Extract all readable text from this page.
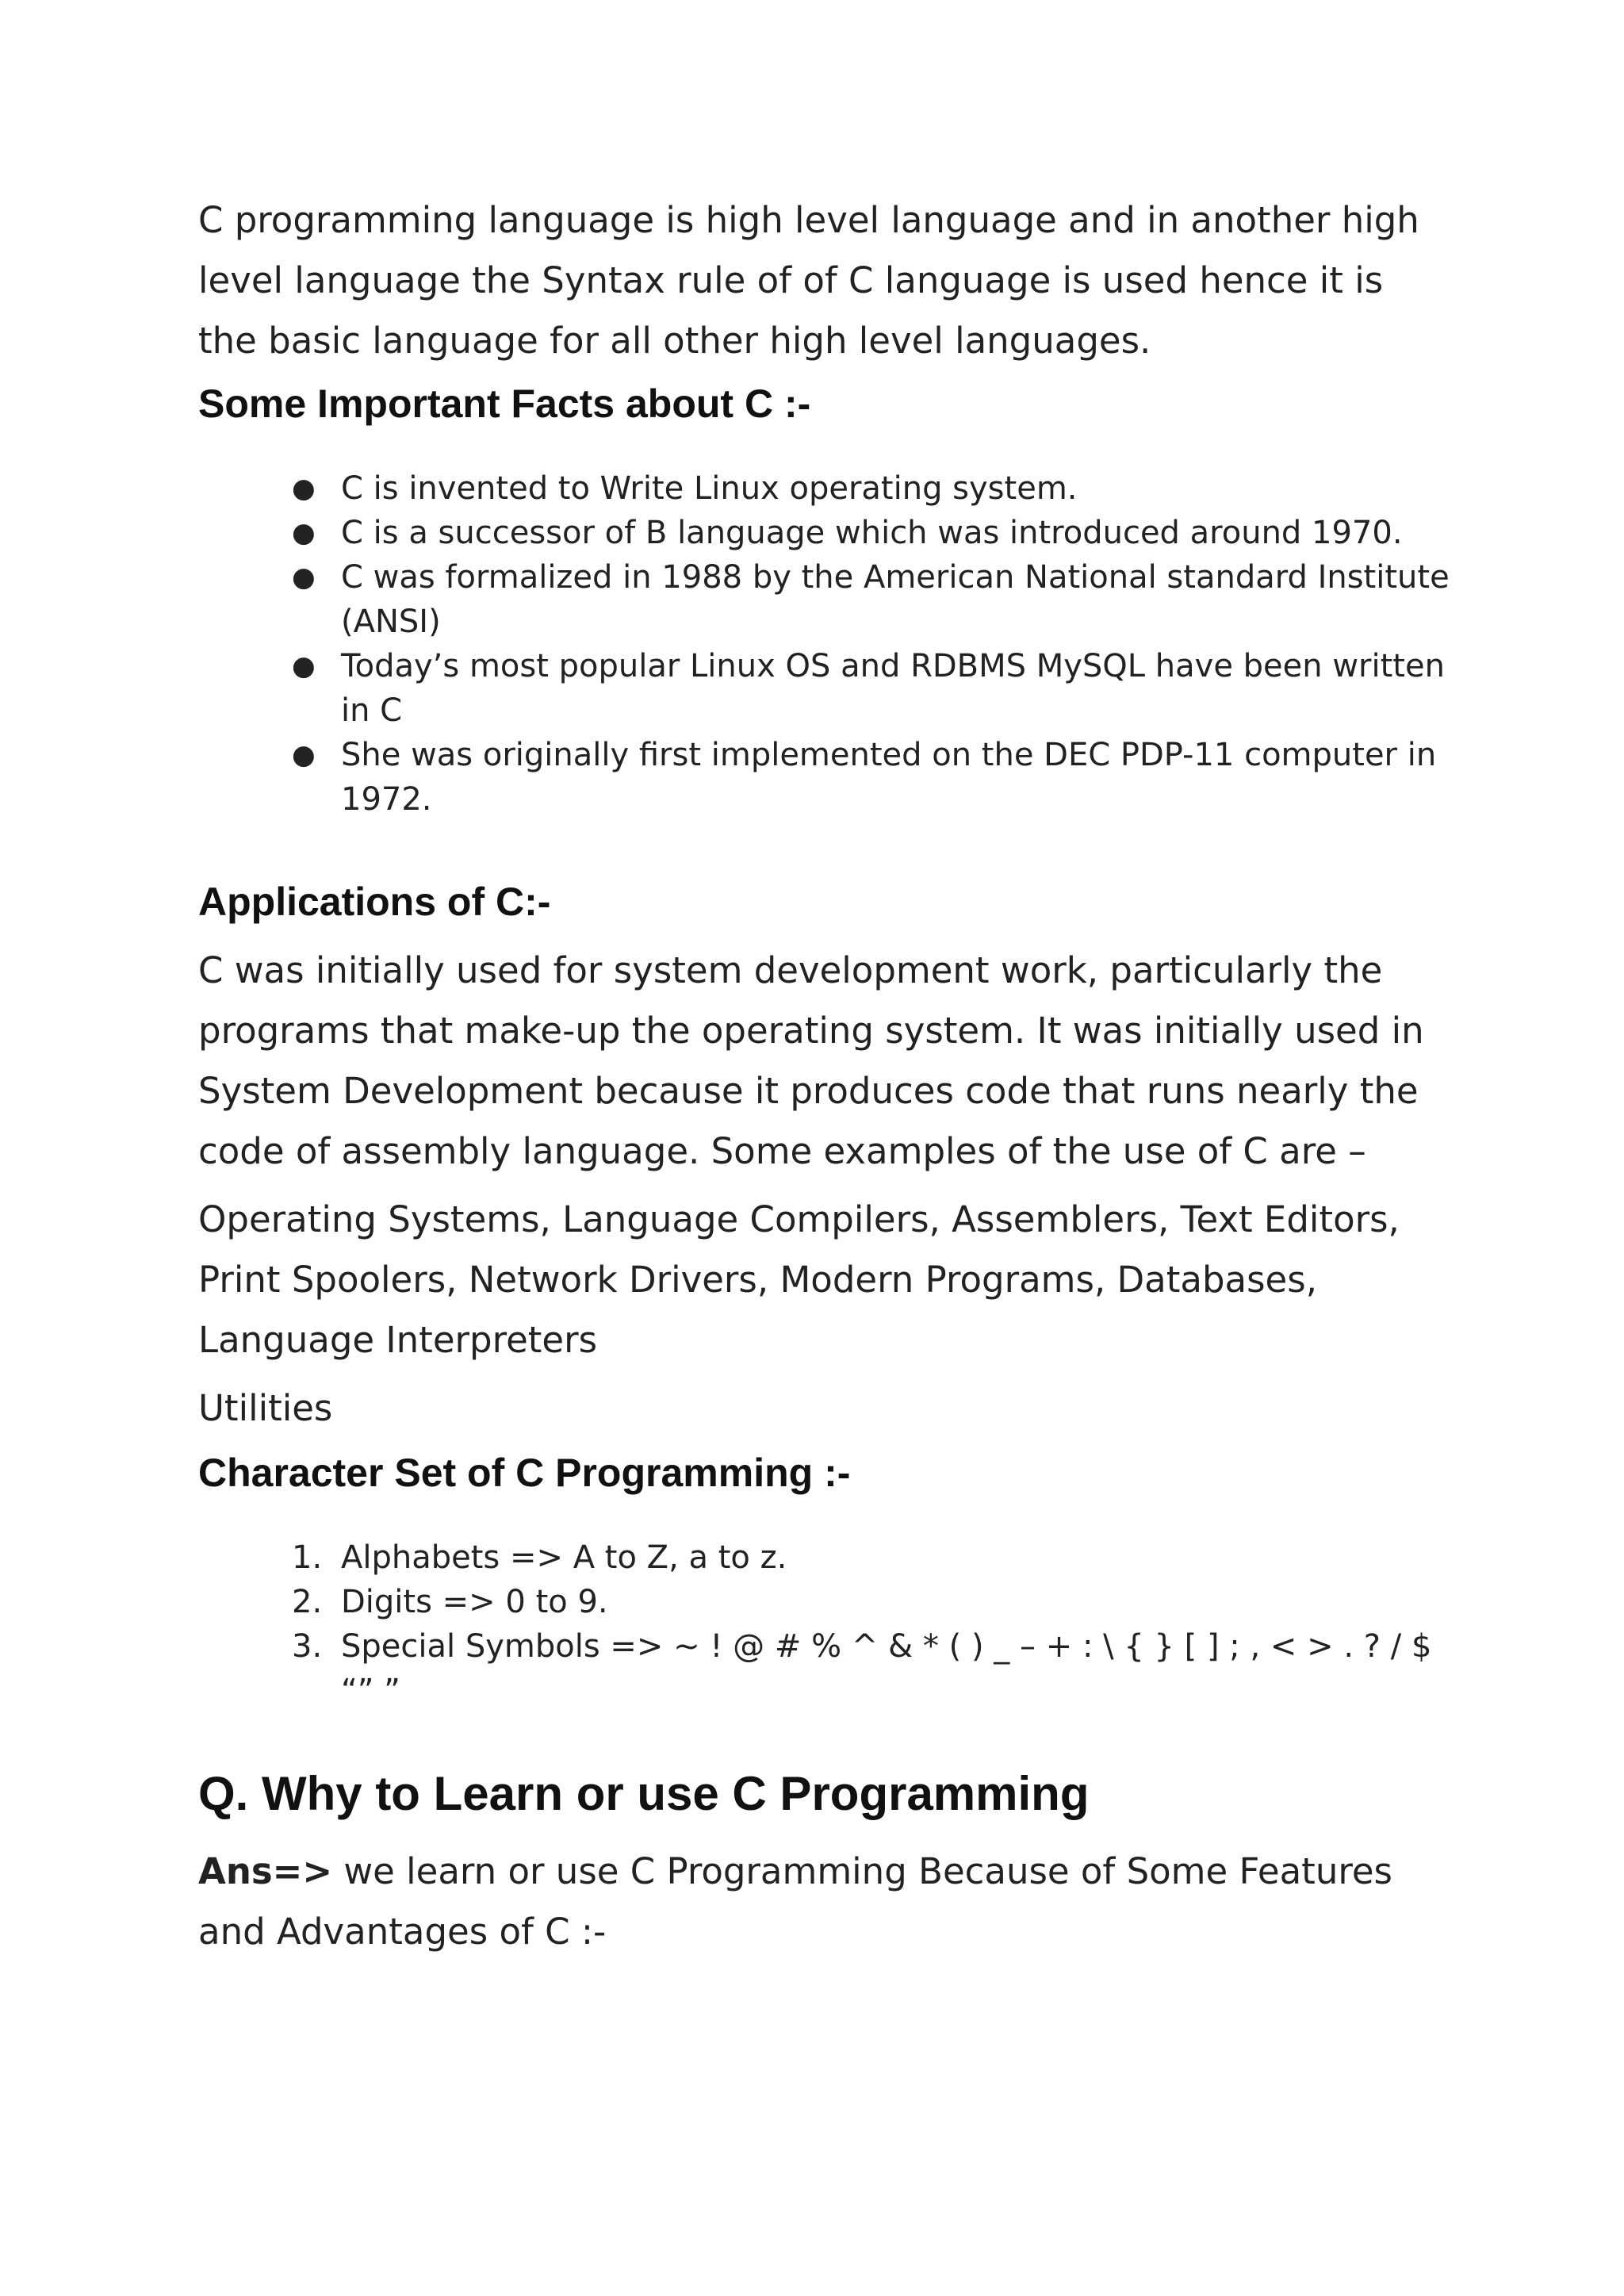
C programming language is high level language and in another high level language the Syntax rule of of C language is used hence it is the basic language for all other high level languages.

Some Important Facts about C :-
● C is invented to Write Linux operating system.
● C is a successor of B language which was introduced around 1970.
● C was formalized in 1988 by the American National standard Institute (ANSI)
● Today’s most popular Linux OS and RDBMS MySQL have been written in C
● She was originally first implemented on the DEC PDP-11 computer in 1972.
Applications of C:-

C was initially used for system development work, particularly the programs that make-up the operating system. It was initially used in System Development because it produces code that runs nearly the code of assembly language. Some examples of the use of C are –

Operating Systems, Language Compilers, Assemblers, Text Editors, Print Spoolers, Network Drivers, Modern Programs, Databases, Language Interpreters

Utilities

Character Set of C Programming :-
1. Alphabets => A to Z, a to z.
2. Digits => 0 to 9.
3. Special Symbols => ~ ! @ # % ^ & * ( ) _ – + : \ { } [ ] ; , < > . ? / $ “” ”
Q. Why to Learn or use C Programming

Ans=> we learn or use C Programming Because of Some Features and Advantages of C :-
